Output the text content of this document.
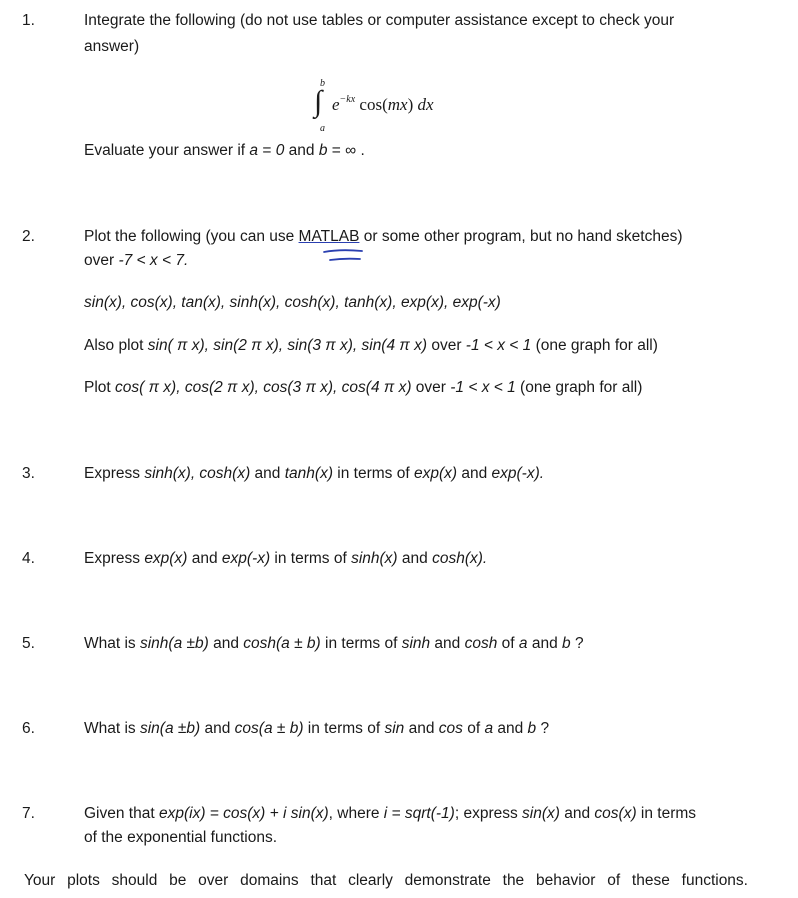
1.	Integrate the following (do not use tables or computer assistance except to check your
answer)
b
∫
a
$e^{-kx}$ cos(mx) dx
Evaluate your answer if a = 0 and b = ∞ .
2.	Plot the following (you can use MATLAB or some other program, but no hand sketches)
over -7 < x < 7.
sin(x), cos(x), tan(x), sinh(x), cosh(x), tanh(x), exp(x), exp(-x)
Also plot sin( π x), sin(2 π x), sin(3 π x), sin(4 π x) over -1 < x < 1 (one graph for all)
Plot cos( π x), cos(2 π x), cos(3 π x), cos(4 π x) over -1 < x < 1 (one graph for all)
3.	Express sinh(x), cosh(x) and tanh(x) in terms of exp(x) and exp(-x).
4.	Express exp(x) and exp(-x) in terms of sinh(x) and cosh(x).
5.	What is sinh(a ±b) and cosh(a ± b) in terms of sinh and cosh of a and b ?
6.	What is sin(a ±b) and cos(a ± b) in terms of sin and cos of a and b ?
7.	Given that exp(ix) = cos(x) + i sin(x), where i = sqrt(-1); express sin(x) and cos(x) in terms
of the exponential functions.
Your plots should be over domains that clearly demonstrate the behavior of these functions.
